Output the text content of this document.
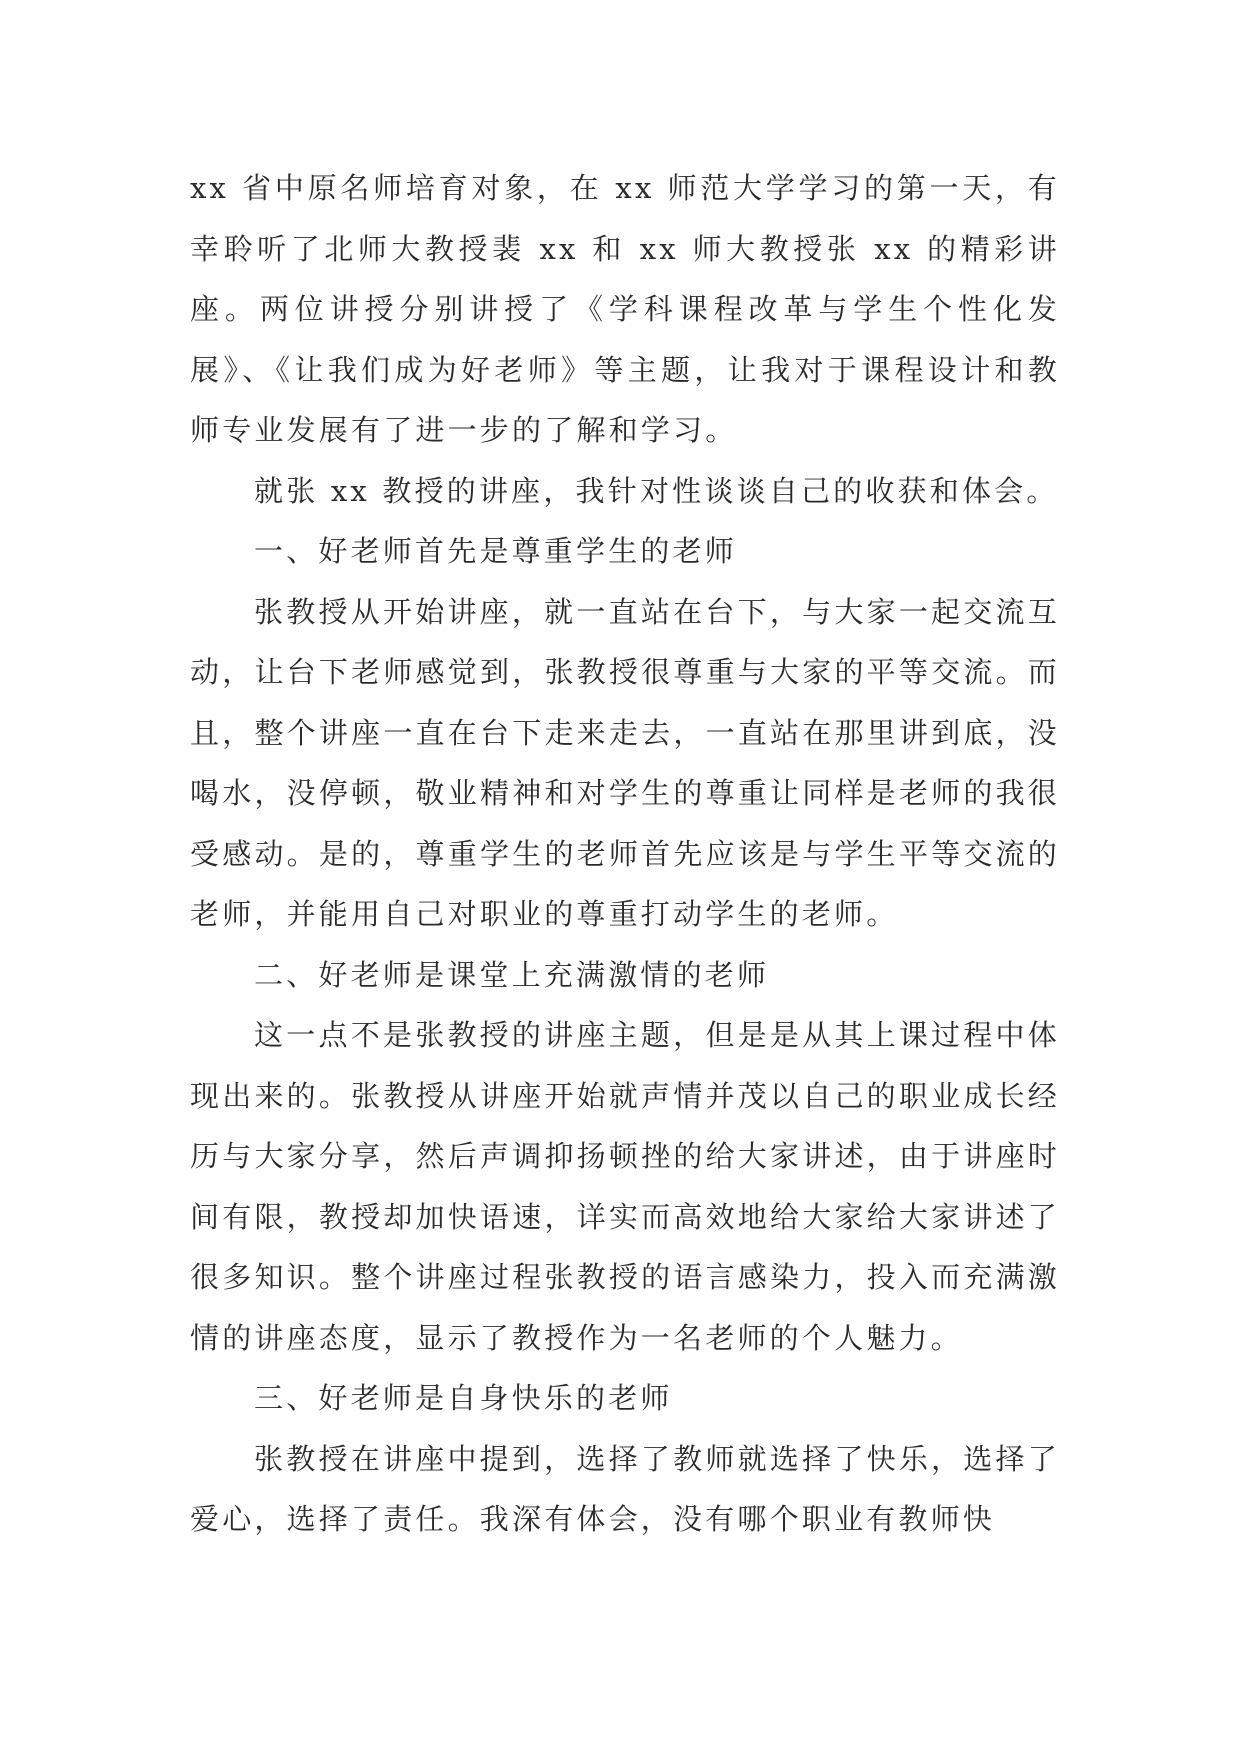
xx 省中原名师培育对象，在 xx 师范大学学习的第一天，有幸聆听了北师大教授裴 xx 和 xx 师大教授张 xx 的精彩讲座。两位讲授分别讲授了《学科课程改革与学生个性化发展》、《让我们成为好老师》等主题，让我对于课程设计和教师专业发展有了进一步的了解和学习。

就张 xx 教授的讲座，我针对性谈谈自己的收获和体会。

一、好老师首先是尊重学生的老师

张教授从开始讲座，就一直站在台下，与大家一起交流互动，让台下老师感觉到，张教授很尊重与大家的平等交流。而且，整个讲座一直在台下走来走去，一直站在那里讲到底，没喝水，没停顿，敬业精神和对学生的尊重让同样是老师的我很受感动。是的，尊重学生的老师首先应该是与学生平等交流的老师，并能用自己对职业的尊重打动学生的老师。

二、好老师是课堂上充满激情的老师

这一点不是张教授的讲座主题，但是是从其上课过程中体现出来的。张教授从讲座开始就声情并茂以自己的职业成长经历与大家分享，然后声调抑扬顿挫的给大家讲述，由于讲座时间有限，教授却加快语速，详实而高效地给大家给大家讲述了很多知识。整个讲座过程张教授的语言感染力，投入而充满激情的讲座态度，显示了教授作为一名老师的个人魅力。

三、好老师是自身快乐的老师

张教授在讲座中提到，选择了教师就选择了快乐，选择了爱心，选择了责任。我深有体会，没有哪个职业有教师快
